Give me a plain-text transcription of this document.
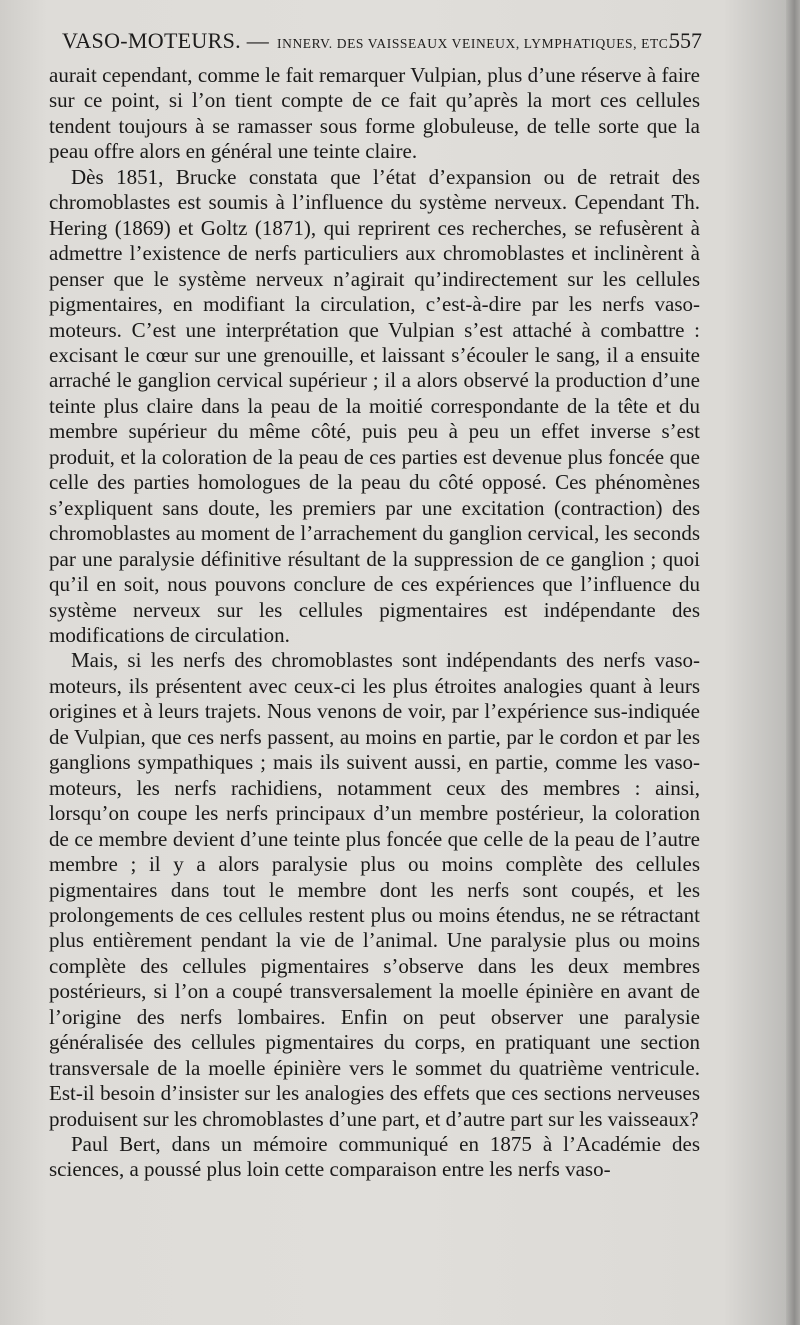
VASO-MOTEURS. — INNERV. DES VAISSEAUX VEINEUX, LYMPHATIQUES, ETC.
557

aurait cependant, comme le fait remarquer Vulpian, plus d’une réserve à faire sur ce point, si l’on tient compte de ce fait qu’après la mort ces cellules tendent toujours à se ramasser sous forme globuleuse, de telle sorte que la peau offre alors en général une teinte claire.

Dès 1851, Brucke constata que l’état d’expansion ou de retrait des chromoblastes est soumis à l’influence du système nerveux. Cependant Th. Hering (1869) et Goltz (1871), qui reprirent ces recherches, se refusèrent à admettre l’existence de nerfs particuliers aux chromoblastes et inclinèrent à penser que le système nerveux n’agirait qu’indirectement sur les cellules pigmentaires, en modifiant la circulation, c’est-à-dire par les nerfs vaso-moteurs. C’est une interprétation que Vulpian s’est attaché à combattre : excisant le cœur sur une grenouille, et laissant s’écouler le sang, il a ensuite arraché le ganglion cervical supérieur ; il a alors observé la production d’une teinte plus claire dans la peau de la moitié correspondante de la tête et du membre supérieur du même côté, puis peu à peu un effet inverse s’est produit, et la coloration de la peau de ces parties est devenue plus foncée que celle des parties homologues de la peau du côté opposé. Ces phénomènes s’expliquent sans doute, les premiers par une excitation (contraction) des chromoblastes au moment de l’arrachement du ganglion cervical, les seconds par une paralysie définitive résultant de la suppression de ce ganglion ; quoi qu’il en soit, nous pouvons conclure de ces expériences que l’influence du système nerveux sur les cellules pigmentaires est indépendante des modifications de circulation.

Mais, si les nerfs des chromoblastes sont indépendants des nerfs vaso-moteurs, ils présentent avec ceux-ci les plus étroites analogies quant à leurs origines et à leurs trajets. Nous venons de voir, par l’expérience sus-indiquée de Vulpian, que ces nerfs passent, au moins en partie, par le cordon et par les ganglions sympathiques ; mais ils suivent aussi, en partie, comme les vaso-moteurs, les nerfs rachidiens, notamment ceux des membres : ainsi, lorsqu’on coupe les nerfs principaux d’un membre postérieur, la coloration de ce membre devient d’une teinte plus foncée que celle de la peau de l’autre membre ; il y a alors paralysie plus ou moins complète des cellules pigmentaires dans tout le membre dont les nerfs sont coupés, et les prolongements de ces cellules restent plus ou moins étendus, ne se rétractant plus entièrement pendant la vie de l’animal. Une paralysie plus ou moins complète des cellules pigmentaires s’observe dans les deux membres postérieurs, si l’on a coupé transversalement la moelle épinière en avant de l’origine des nerfs lombaires. Enfin on peut observer une paralysie généralisée des cellules pigmentaires du corps, en pratiquant une section transversale de la moelle épinière vers le sommet du quatrième ventricule. Est-il besoin d’insister sur les analogies des effets que ces sections nerveuses produisent sur les chromoblastes d’une part, et d’autre part sur les vaisseaux?

Paul Bert, dans un mémoire communiqué en 1875 à l’Académie des sciences, a poussé plus loin cette comparaison entre les nerfs vaso-
